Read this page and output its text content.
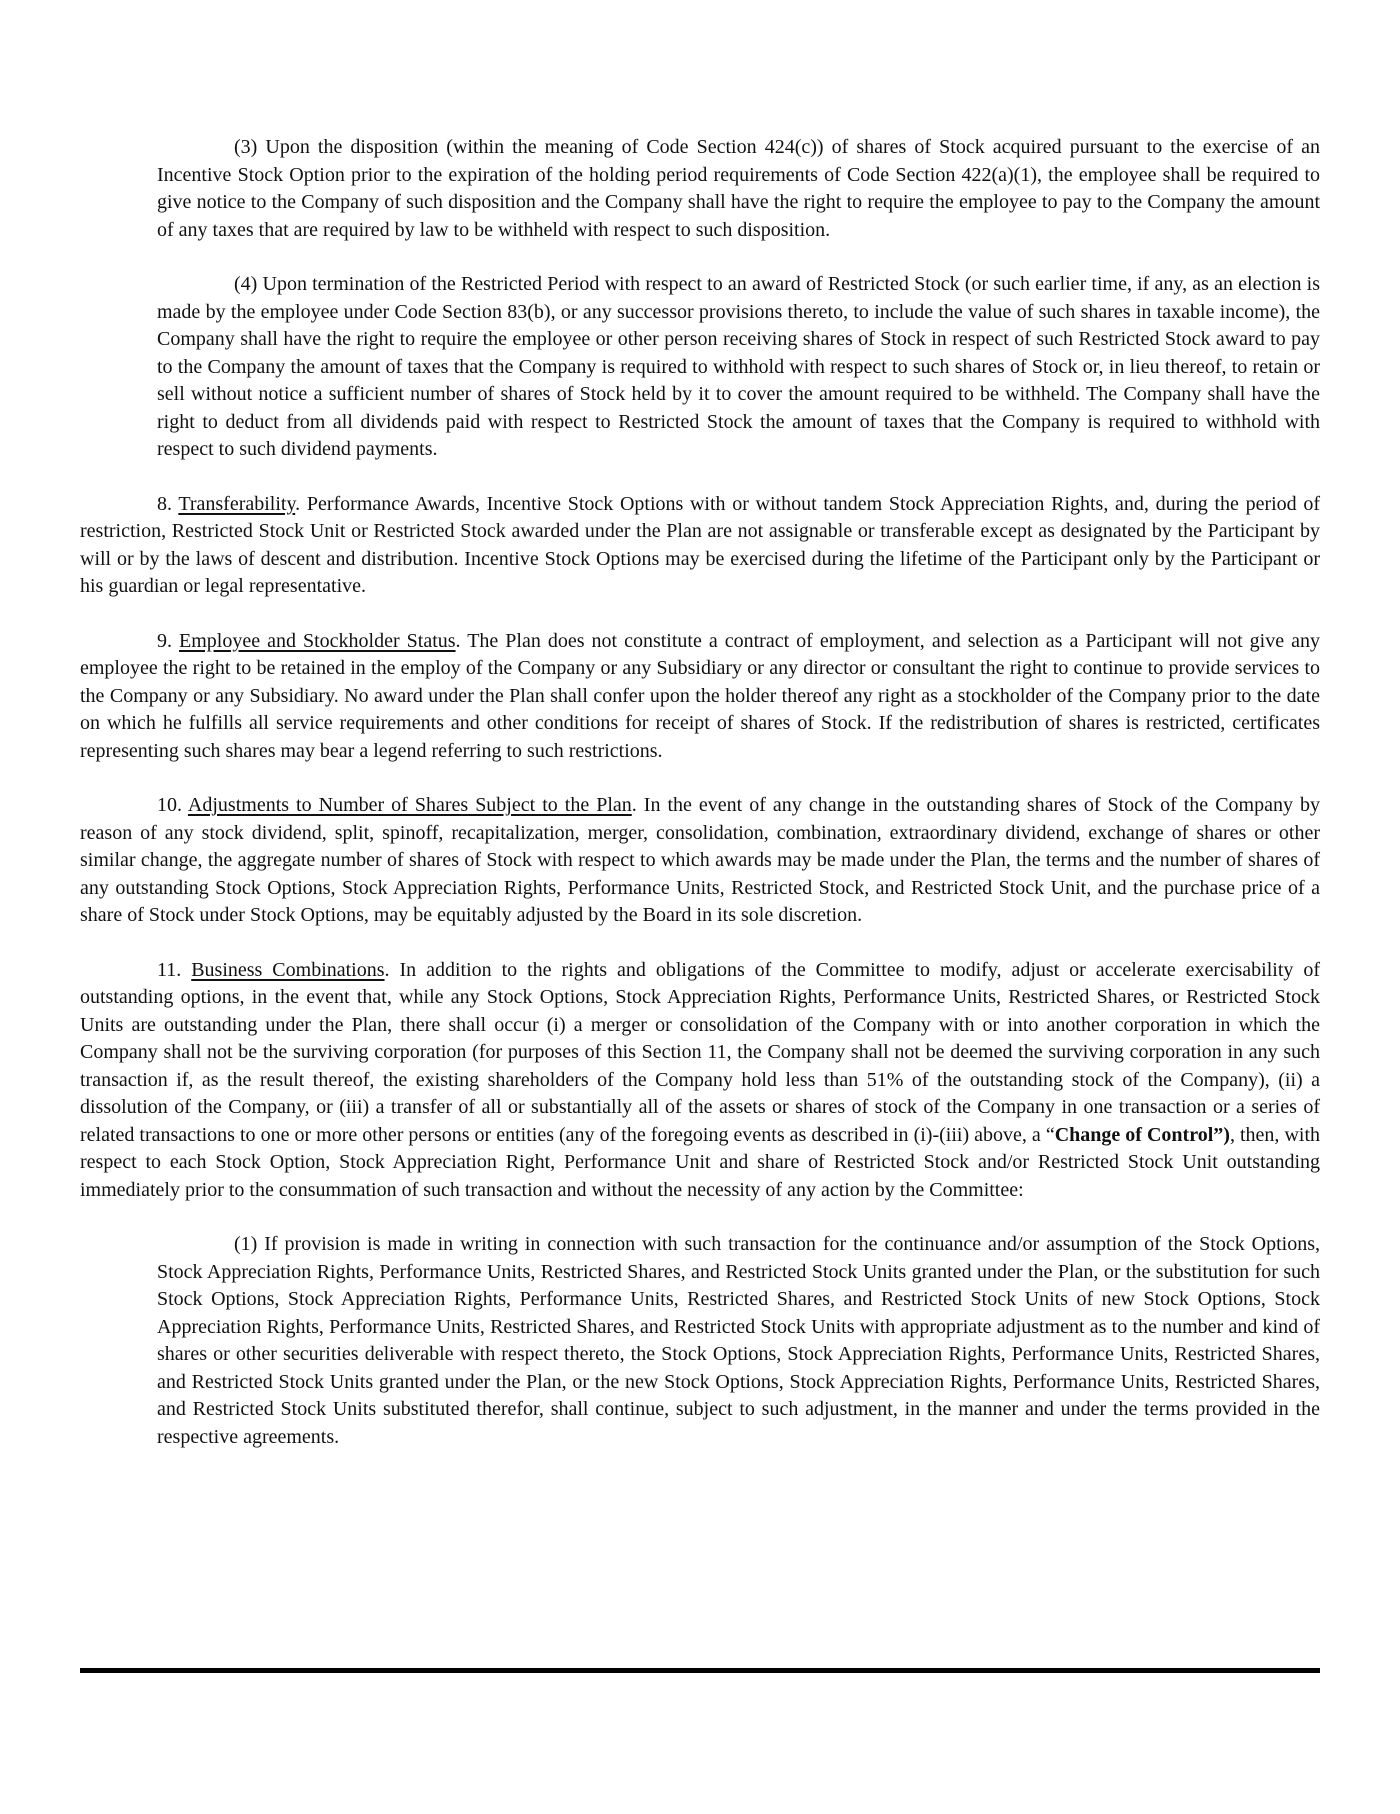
(3) Upon the disposition (within the meaning of Code Section 424(c)) of shares of Stock acquired pursuant to the exercise of an Incentive Stock Option prior to the expiration of the holding period requirements of Code Section 422(a)(1), the employee shall be required to give notice to the Company of such disposition and the Company shall have the right to require the employee to pay to the Company the amount of any taxes that are required by law to be withheld with respect to such disposition.

(4) Upon termination of the Restricted Period with respect to an award of Restricted Stock (or such earlier time, if any, as an election is made by the employee under Code Section 83(b), or any successor provisions thereto, to include the value of such shares in taxable income), the Company shall have the right to require the employee or other person receiving shares of Stock in respect of such Restricted Stock award to pay to the Company the amount of taxes that the Company is required to withhold with respect to such shares of Stock or, in lieu thereof, to retain or sell without notice a sufficient number of shares of Stock held by it to cover the amount required to be withheld. The Company shall have the right to deduct from all dividends paid with respect to Restricted Stock the amount of taxes that the Company is required to withhold with respect to such dividend payments.

8. Transferability. Performance Awards, Incentive Stock Options with or without tandem Stock Appreciation Rights, and, during the period of restriction, Restricted Stock Unit or Restricted Stock awarded under the Plan are not assignable or transferable except as designated by the Participant by will or by the laws of descent and distribution. Incentive Stock Options may be exercised during the lifetime of the Participant only by the Participant or his guardian or legal representative.

9. Employee and Stockholder Status. The Plan does not constitute a contract of employment, and selection as a Participant will not give any employee the right to be retained in the employ of the Company or any Subsidiary or any director or consultant the right to continue to provide services to the Company or any Subsidiary. No award under the Plan shall confer upon the holder thereof any right as a stockholder of the Company prior to the date on which he fulfills all service requirements and other conditions for receipt of shares of Stock. If the redistribution of shares is restricted, certificates representing such shares may bear a legend referring to such restrictions.

10. Adjustments to Number of Shares Subject to the Plan. In the event of any change in the outstanding shares of Stock of the Company by reason of any stock dividend, split, spinoff, recapitalization, merger, consolidation, combination, extraordinary dividend, exchange of shares or other similar change, the aggregate number of shares of Stock with respect to which awards may be made under the Plan, the terms and the number of shares of any outstanding Stock Options, Stock Appreciation Rights, Performance Units, Restricted Stock, and Restricted Stock Unit, and the purchase price of a share of Stock under Stock Options, may be equitably adjusted by the Board in its sole discretion.

11. Business Combinations. In addition to the rights and obligations of the Committee to modify, adjust or accelerate exercisability of outstanding options, in the event that, while any Stock Options, Stock Appreciation Rights, Performance Units, Restricted Shares, or Restricted Stock Units are outstanding under the Plan, there shall occur (i) a merger or consolidation of the Company with or into another corporation in which the Company shall not be the surviving corporation (for purposes of this Section 11, the Company shall not be deemed the surviving corporation in any such transaction if, as the result thereof, the existing shareholders of the Company hold less than 51% of the outstanding stock of the Company), (ii) a dissolution of the Company, or (iii) a transfer of all or substantially all of the assets or shares of stock of the Company in one transaction or a series of related transactions to one or more other persons or entities (any of the foregoing events as described in (i)-(iii) above, a “Change of Control”), then, with respect to each Stock Option, Stock Appreciation Right, Performance Unit and share of Restricted Stock and/or Restricted Stock Unit outstanding immediately prior to the consummation of such transaction and without the necessity of any action by the Committee:

(1) If provision is made in writing in connection with such transaction for the continuance and/or assumption of the Stock Options, Stock Appreciation Rights, Performance Units, Restricted Shares, and Restricted Stock Units granted under the Plan, or the substitution for such Stock Options, Stock Appreciation Rights, Performance Units, Restricted Shares, and Restricted Stock Units of new Stock Options, Stock Appreciation Rights, Performance Units, Restricted Shares, and Restricted Stock Units with appropriate adjustment as to the number and kind of shares or other securities deliverable with respect thereto, the Stock Options, Stock Appreciation Rights, Performance Units, Restricted Shares, and Restricted Stock Units granted under the Plan, or the new Stock Options, Stock Appreciation Rights, Performance Units, Restricted Shares, and Restricted Stock Units substituted therefor, shall continue, subject to such adjustment, in the manner and under the terms provided in the respective agreements.
